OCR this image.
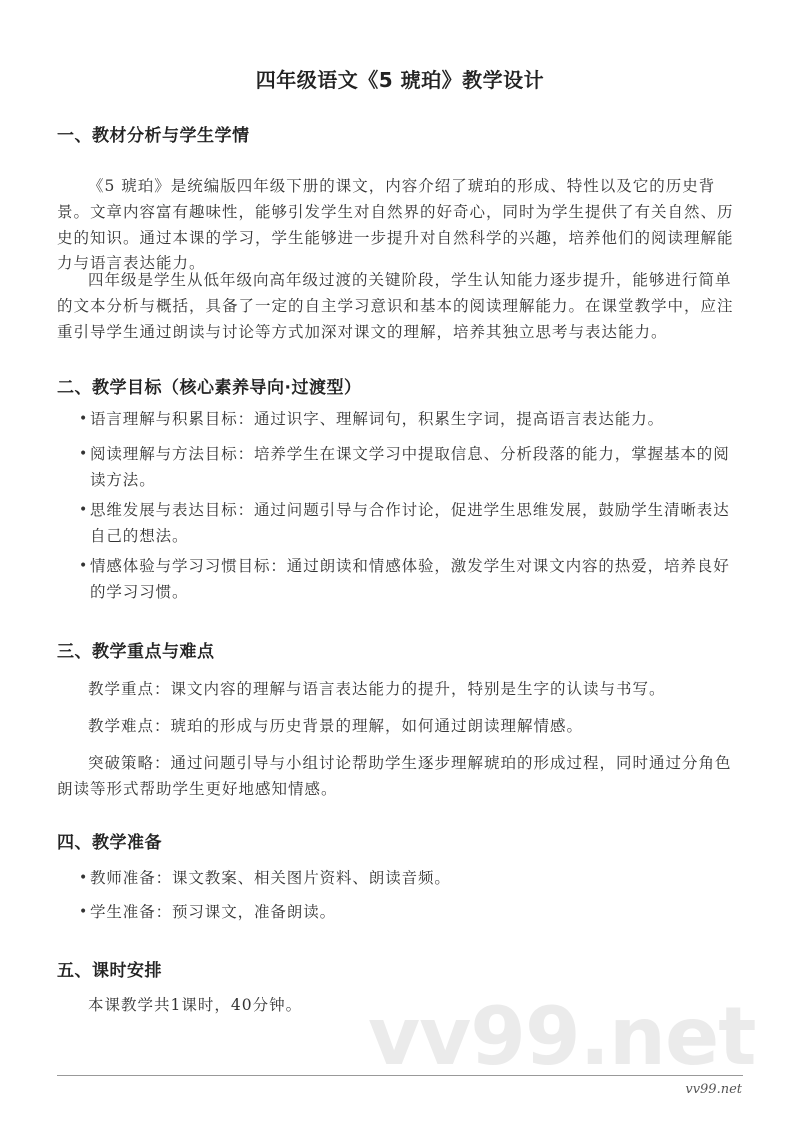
四年级语文《5 琥珀》教学设计
一、教材分析与学生学情

《5 琥珀》是统编版四年级下册的课文，内容介绍了琥珀的形成、特性以及它的历史背景。文章内容富有趣味性，能够引发学生对自然界的好奇心，同时为学生提供了有关自然、历史的知识。通过本课的学习，学生能够进一步提升对自然科学的兴趣，培养他们的阅读理解能力与语言表达能力。

四年级是学生从低年级向高年级过渡的关键阶段，学生认知能力逐步提升，能够进行简单的文本分析与概括，具备了一定的自主学习意识和基本的阅读理解能力。在课堂教学中，应注重引导学生通过朗读与讨论等方式加深对课文的理解，培养其独立思考与表达能力。

二、教学目标（核心素养导向·过渡型）
• 语言理解与积累目标：通过识字、理解词句，积累生字词，提高语言表达能力。
• 阅读理解与方法目标：培养学生在课文学习中提取信息、分析段落的能力，掌握基本的阅读方法。
• 思维发展与表达目标：通过问题引导与合作讨论，促进学生思维发展，鼓励学生清晰表达自己的想法。
• 情感体验与学习习惯目标：通过朗读和情感体验，激发学生对课文内容的热爱，培养良好的学习习惯。
三、教学重点与难点

教学重点：课文内容的理解与语言表达能力的提升，特别是生字的认读与书写。

教学难点：琥珀的形成与历史背景的理解，如何通过朗读理解情感。

突破策略：通过问题引导与小组讨论帮助学生逐步理解琥珀的形成过程，同时通过分角色朗读等形式帮助学生更好地感知情感。

四、教学准备
• 教师准备：课文教案、相关图片资料、朗读音频。
• 学生准备：预习课文，准备朗读。
五、课时安排

本课教学共1课时，40分钟。 vv99.net
vv99.net
